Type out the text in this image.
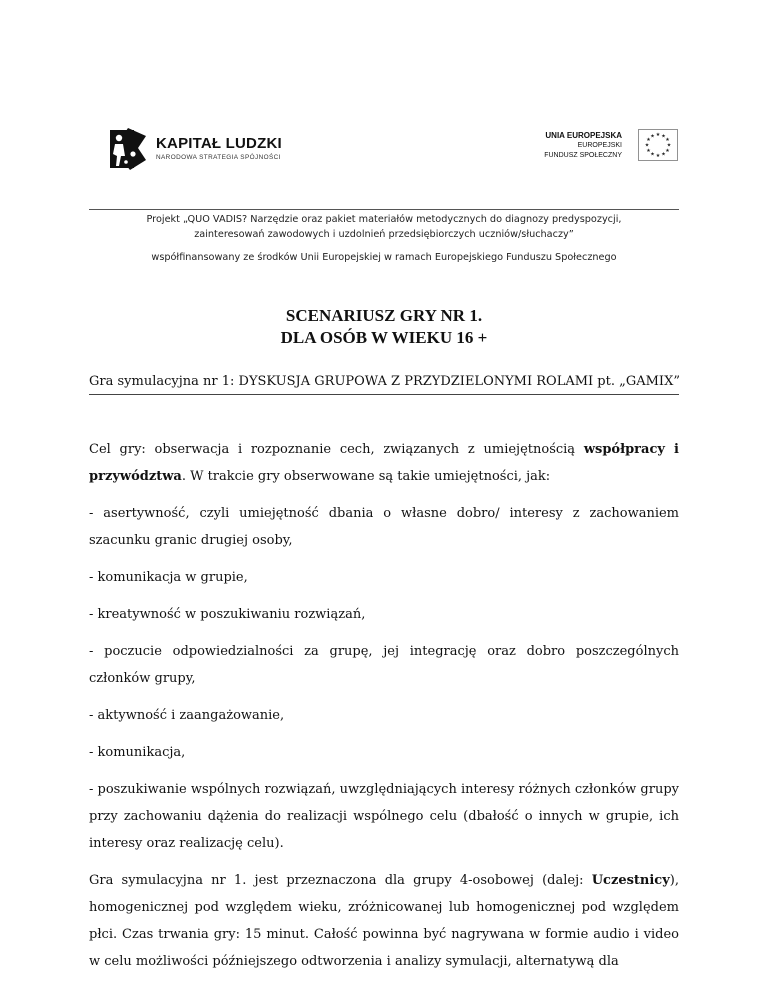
KAPITAŁ LUDZKI
NARODOWA STRATEGIA SPÓJNOŚCI
UNIA EUROPEJSKA
EUROPEJSKI
FUNDUSZ SPOŁECZNY
★ ★
★
★
★
★
★
★
★
★
★
★
Projekt „QUO VADIS? Narzędzie oraz pakiet materiałów metodycznych do diagnozy predyspozycji,
zainteresowań zawodowych i uzdolnień przedsiębiorczych uczniów/słuchaczy”
współfinansowany ze środków Unii Europejskiej w ramach Europejskiego Funduszu Społecznego
SCENARIUSZ GRY NR 1.
DLA OSÓB W WIEKU 16 +
Gra symulacyjna nr 1: DYSKUSJA GRUPOWA Z PRZYDZIELONYMI ROLAMI pt. „GAMIX”

Cel gry: obserwacja i rozpoznanie cech, związanych z umiejętnością współpracy i przywództwa. W trakcie gry obserwowane są takie umiejętności, jak:

- asertywność, czyli umiejętność dbania o własne dobro/ interesy z zachowaniem szacunku granic drugiej osoby,

- komunikacja w grupie,

- kreatywność w poszukiwaniu rozwiązań,

- poczucie odpowiedzialności za grupę, jej integrację oraz dobro poszczególnych członków grupy,

- aktywność i zaangażowanie,

- komunikacja,

- poszukiwanie wspólnych rozwiązań, uwzględniających interesy różnych członków grupy przy zachowaniu dążenia do realizacji wspólnego celu (dbałość o innych w grupie, ich interesy oraz realizację celu).

Gra symulacyjna nr 1. jest przeznaczona dla grupy 4-osobowej (dalej: Uczestnicy), homogenicznej pod względem wieku, zróżnicowanej lub homogenicznej pod względem płci. Czas trwania gry: 15 minut. Całość powinna być nagrywana w formie audio i video w celu możliwości późniejszego odtworzenia i analizy symulacji, alternatywą dla
